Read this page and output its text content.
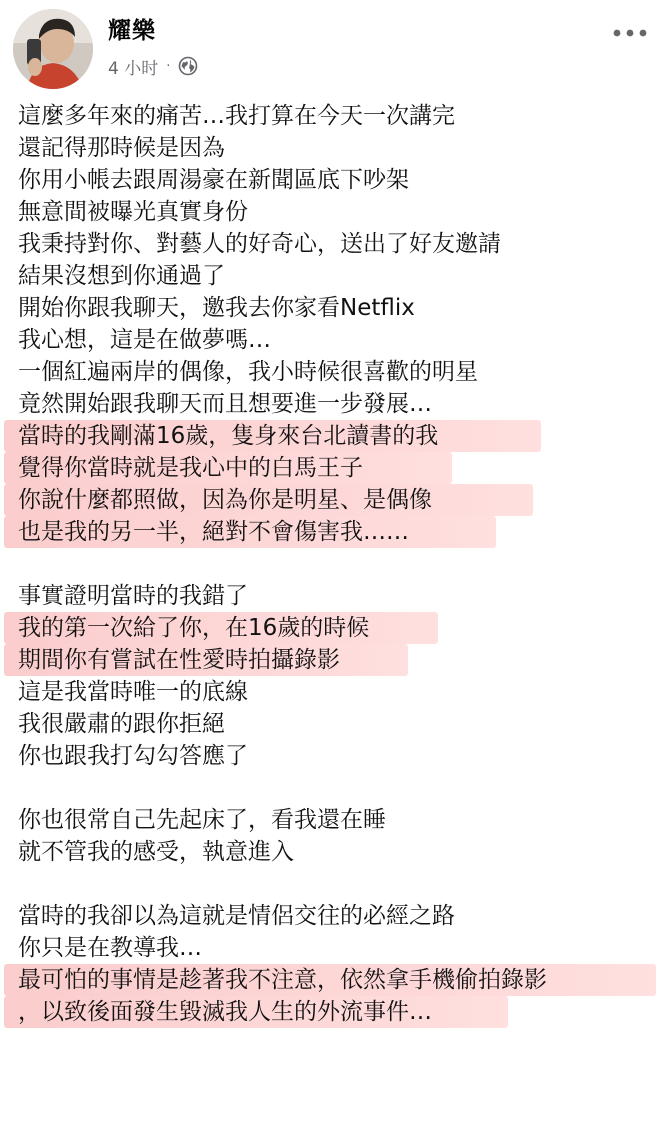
耀樂
4 小时 ·
這麼多年來的痛苦…我打算在今天一次講完
還記得那時候是因為
你用小帳去跟周湯豪在新聞區底下吵架
無意間被曝光真實身份
我秉持對你、對藝人的好奇心，送出了好友邀請
結果沒想到你通過了
開始你跟我聊天，邀我去你家看Netflix
我心想，這是在做夢嗎…
一個紅遍兩岸的偶像，我小時候很喜歡的明星
竟然開始跟我聊天而且想要進一步發展…
當時的我剛滿16歲，隻身來台北讀書的我
覺得你當時就是我心中的白馬王子
你說什麼都照做，因為你是明星、是偶像
也是我的另一半，絕對不會傷害我……
事實證明當時的我錯了
我的第一次給了你，在16歲的時候
期間你有嘗試在性愛時拍攝錄影
這是我當時唯一的底線
我很嚴肅的跟你拒絕
你也跟我打勾勾答應了
你也很常自己先起床了，看我還在睡
就不管我的感受，執意進入
當時的我卻以為這就是情侶交往的必經之路
你只是在教導我…
最可怕的事情是趁著我不注意，依然拿手機偷拍錄影
，以致後面發生毀滅我人生的外流事件…
